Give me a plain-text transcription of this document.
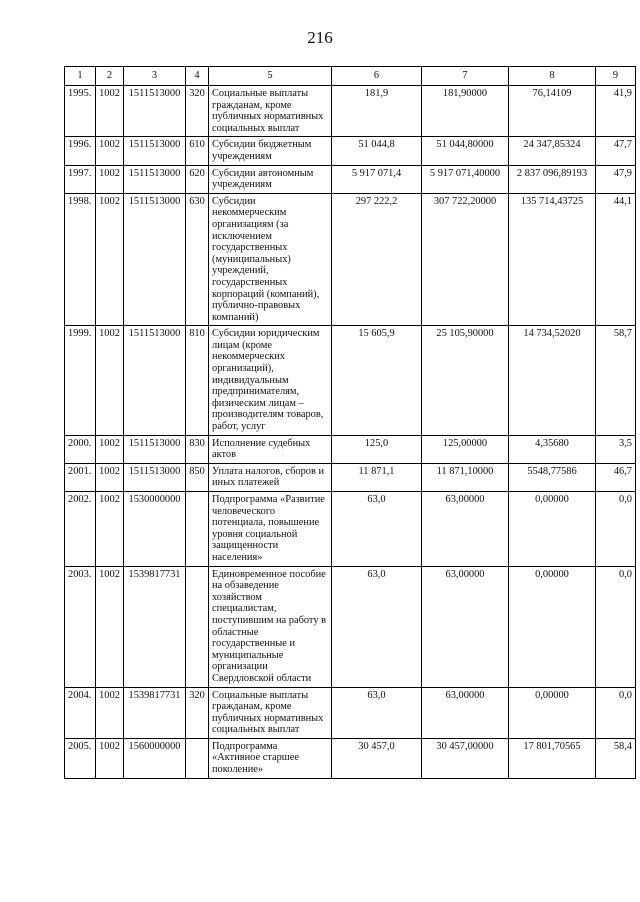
216
1	2	3	4	5	6	7	8	9
1995.	1002	1511513000	320	Социальные выплаты гражданам, кроме публичных нормативных социальных выплат	181,9	181,90000	76,14109	41,9
1996.	1002	1511513000	610	Субсидии бюджетным учреждениям	51 044,8	51 044,80000	24 347,85324	47,7
1997.	1002	1511513000	620	Субсидии автономным учреждениям	5 917 071,4	5 917 071,40000	2 837 096,89193	47,9
1998.	1002	1511513000	630	Субсидии некоммерческим организациям (за исключением государственных (муниципальных) учреждений, государственных корпораций (компаний), публично-правовых компаний)	297 222,2	307 722,20000	135 714,43725	44,1
1999.	1002	1511513000	810	Субсидии юридическим лицам (кроме некоммерческих организаций), индивидуальным предпринимателям, физическим лицам – производителям товаров, работ, услуг	15 605,9	25 105,90000	14 734,52020	58,7
2000.	1002	1511513000	830	Исполнение судебных актов	125,0	125,00000	4,35680	3,5
2001.	1002	1511513000	850	Уплата налогов, сборов и иных платежей	11 871,1	11 871,10000	5548,77586	46,7
2002.	1002	1530000000		Подпрограмма «Развитие человеческого потенциала, повышение уровня социальной защищенности населения»	63,0	63,00000	0,00000	0,0
2003.	1002	1539817731		Единовременное пособие на обзаведение хозяйством специалистам, поступившим на работу в областные государственные и муниципальные организации Свердловской области	63,0	63,00000	0,00000	0,0
2004.	1002	1539817731	320	Социальные выплаты гражданам, кроме публичных нормативных социальных выплат	63,0	63,00000	0,00000	0,0
2005.	1002	1560000000		Подпрограмма «Активное старшее поколение»	30 457,0	30 457,00000	17 801,70565	58,4
